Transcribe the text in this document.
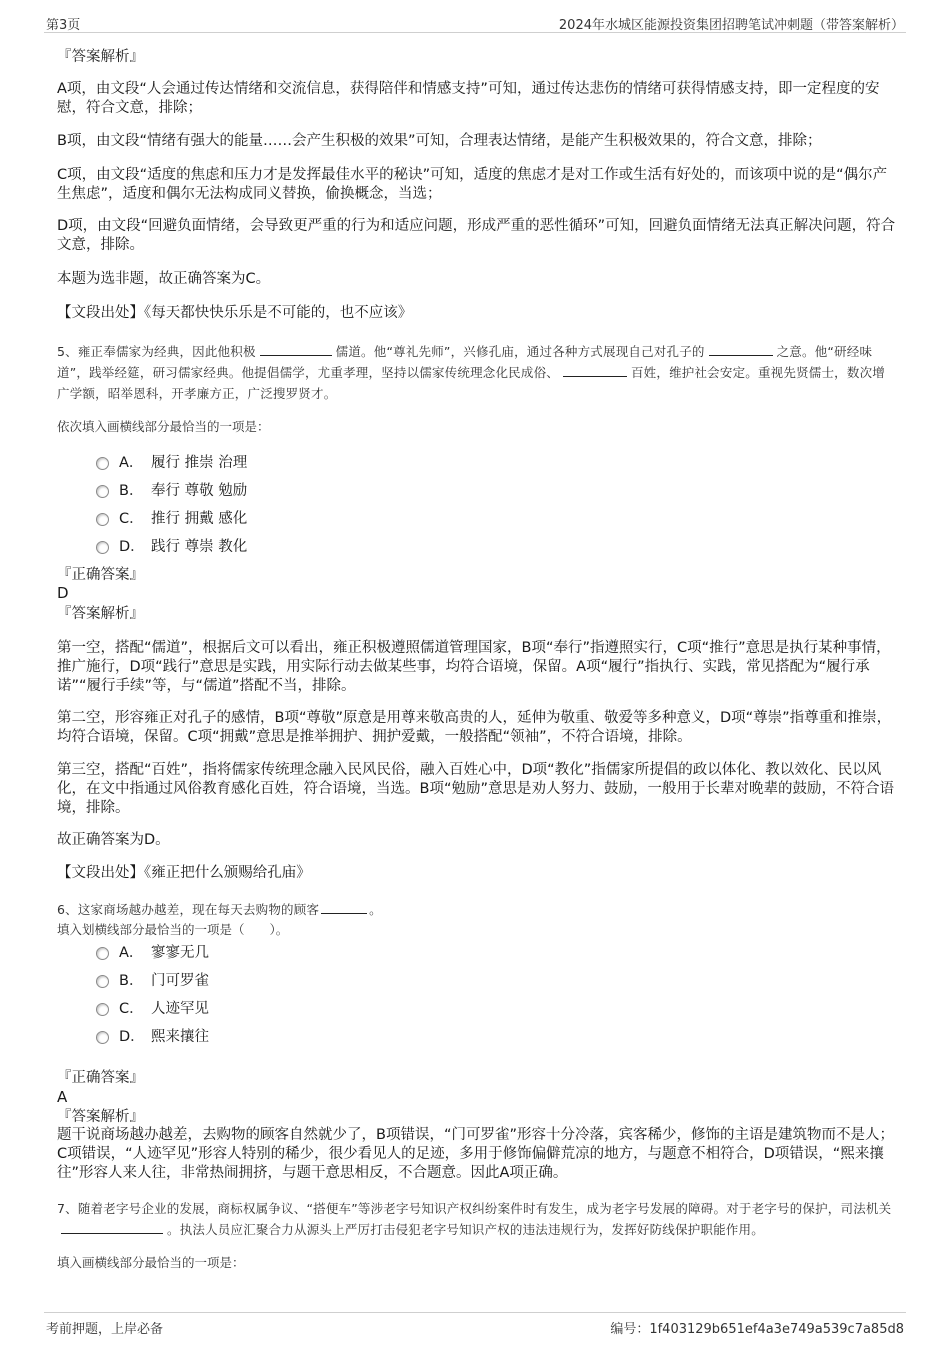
第3页	2024年水城区能源投资集团招聘笔试冲刺题（带答案解析）
『答案解析』
A项，由文段“人会通过传达情绪和交流信息，获得陪伴和情感支持”可知，通过传达悲伤的情绪可获得情感支持，即一定程度的安慰，符合文意，排除；
B项，由文段“情绪有强大的能量……会产生积极的效果”可知，合理表达情绪，是能产生积极效果的，符合文意，排除；
C项，由文段“适度的焦虑和压力才是发挥最佳水平的秘诀”可知，适度的焦虑才是对工作或生活有好处的，而该项中说的是“偶尔产生焦虑”，适度和偶尔无法构成同义替换，偷换概念，当选；
D项，由文段“回避负面情绪，会导致更严重的行为和适应问题，形成严重的恶性循环”可知，回避负面情绪无法真正解决问题，符合文意，排除。
本题为选非题，故正确答案为C。
【文段出处】《每天都快快乐乐是不可能的，也不应该》
5、雍正奉儒家为经典，因此他积极	儒道。他“尊礼先师”，兴修孔庙，通过各种方式展现自己对孔子的	之意。他“研经味道”，践举经筵，研习儒家经典。他提倡儒学，尤重孝理，坚持以儒家传统理念化民成俗、	百姓，维护社会安定。重视先贤儒士，数次增广学额，昭举恩科，开孝廉方正，广泛搜罗贤才。
依次填入画横线部分最恰当的一项是：
A． 履行 推崇 治理
B． 奉行 尊敬 勉励
C． 推行 拥戴 感化
D． 践行 尊崇 教化
『正确答案』
D
『答案解析』
第一空，搭配“儒道”，根据后文可以看出，雍正积极遵照儒道管理国家，B项“奉行”指遵照实行，C项“推行”意思是执行某种事情，推广施行，D项“践行”意思是实践，用实际行动去做某些事，均符合语境，保留。A项“履行”指执行、实践，常见搭配为“履行承诺”“履行手续”等，与“儒道”搭配不当，排除。
第二空，形容雍正对孔子的感情，B项“尊敬”原意是用尊来敬高贵的人，延伸为敬重、敬爱等多种意义，D项“尊崇”指尊重和推崇，均符合语境，保留。C项“拥戴”意思是推举拥护、拥护爱戴，一般搭配“领袖”，不符合语境，排除。
第三空，搭配“百姓”，指将儒家传统理念融入民风民俗，融入百姓心中，D项“教化”指儒家所提倡的政以体化、教以效化、民以风化，在文中指通过风俗教育感化百姓，符合语境，当选。B项“勉励”意思是劝人努力、鼓励，一般用于长辈对晚辈的鼓励，不符合语境，排除。
故正确答案为D。
【文段出处】《雍正把什么颁赐给孔庙》
6、这家商场越办越差，现在每天去购物的顾客	。
填入划横线部分最恰当的一项是（　　）。
A． 寥寥无几
B． 门可罗雀
C． 人迹罕见
D． 熙来攘往
『正确答案』
A
『答案解析』
题干说商场越办越差，去购物的顾客自然就少了，B项错误，“门可罗雀”形容十分冷落，宾客稀少，修饰的主语是建筑物而不是人；C项错误，“人迹罕见”形容人特别的稀少，很少看见人的足迹，多用于修饰偏僻荒凉的地方，与题意不相符合，D项错误，“熙来攘往”形容人来人往，非常热闹拥挤，与题干意思相反，不合题意。因此A项正确。
7、随着老字号企业的发展，商标权属争议、“搭便车”等涉老字号知识产权纠纷案件时有发生，成为老字号发展的障碍。对于老字号的保护，司法机关。执法人员应汇聚合力从源头上严厉打击侵犯老字号知识产权的违法违规行为，发挥好防线保护职能作用。
填入画横线部分最恰当的一项是：
考前押题，上岸必备	编号：1f403129b651ef4a3e749a539c7a85d8
